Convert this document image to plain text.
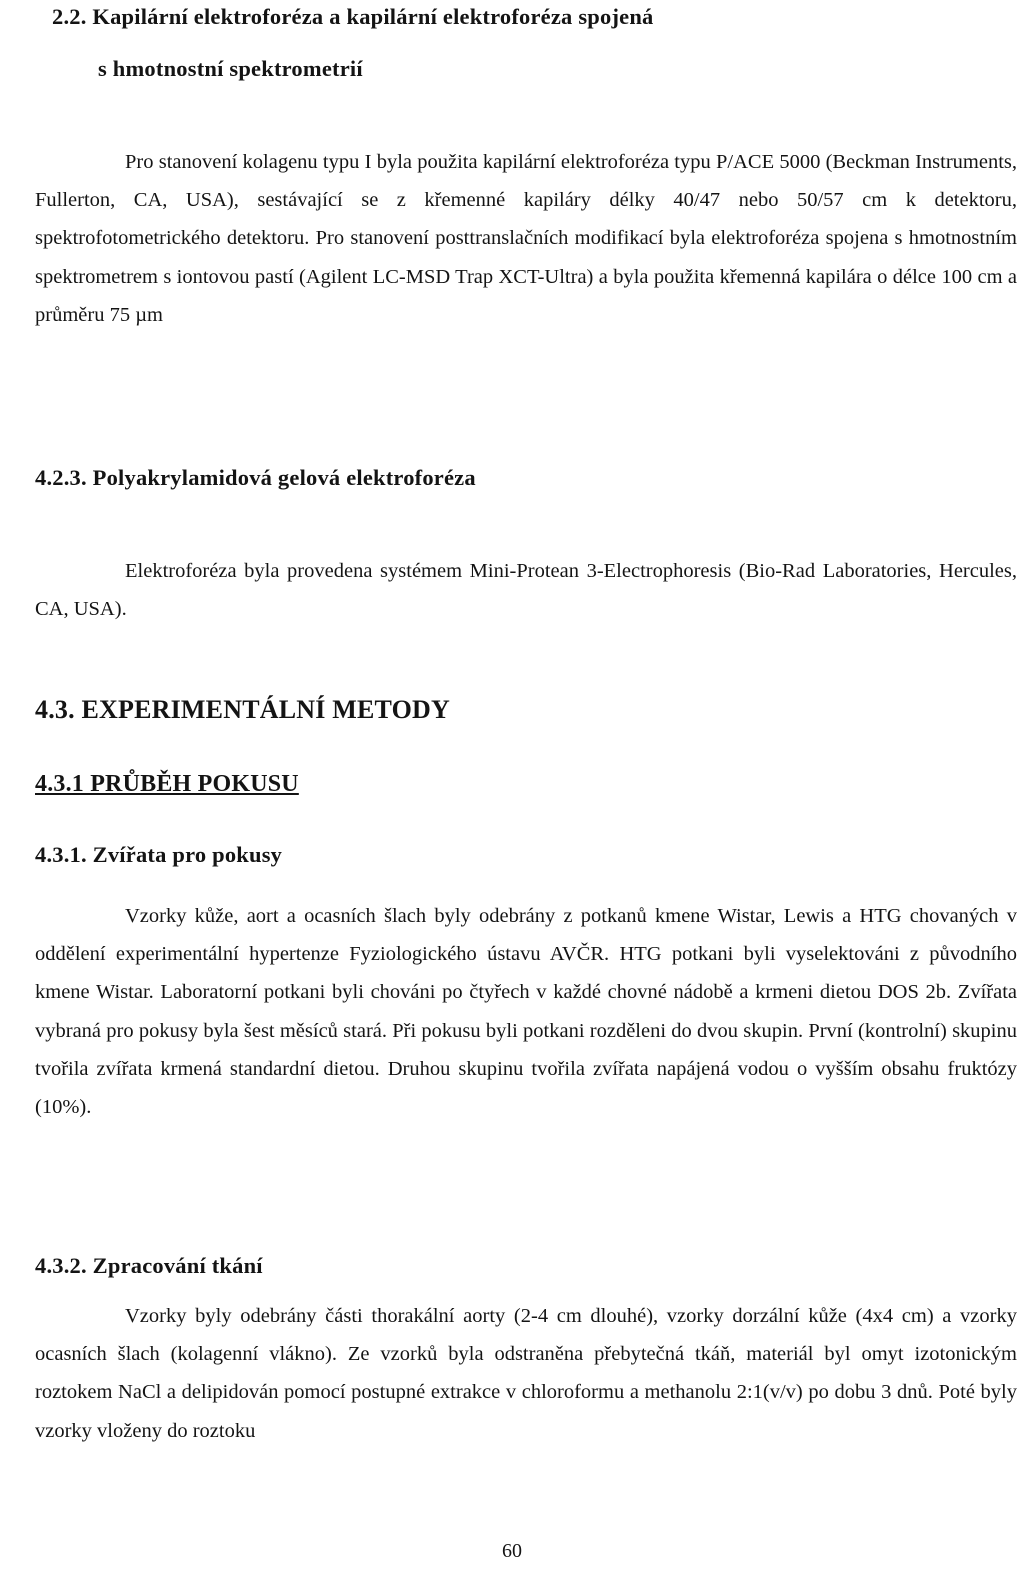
2.2. Kapilární elektroforéza a kapilární elektroforéza spojená
s hmotnostní spektrometrií

Pro stanovení kolagenu typu I byla použita kapilární elektroforéza typu P/ACE 5000 (Beckman Instruments, Fullerton, CA, USA), sestávající se z křemenné kapiláry délky 40/47 nebo 50/57 cm k detektoru, spektrofotometrického detektoru. Pro stanovení posttranslačních modifikací byla elektroforéza spojena s hmotnostním spektrometrem s iontovou pastí (Agilent LC-MSD Trap XCT-Ultra) a byla použita křemenná kapilára o délce 100 cm a průměru 75 µm

4.2.3. Polyakrylamidová gelová elektroforéza

Elektroforéza byla provedena systémem Mini-Protean 3-Electrophoresis (Bio-Rad Laboratories, Hercules, CA, USA).

4.3. EXPERIMENTÁLNÍ METODY
4.3.1 PRŮBĚH POKUSU
4.3.1. Zvířata pro pokusy

Vzorky kůže, aort a ocasních šlach byly odebrány z potkanů kmene Wistar, Lewis a HTG chovaných v oddělení experimentální hypertenze Fyziologického ústavu AVČR. HTG potkani byli vyselektováni z původního kmene Wistar. Laboratorní potkani byli chováni po čtyřech v každé chovné nádobě a krmeni dietou DOS 2b. Zvířata vybraná pro pokusy byla šest měsíců stará. Při pokusu byli potkani rozděleni do dvou skupin. První (kontrolní) skupinu tvořila zvířata krmená standardní dietou. Druhou skupinu tvořila zvířata napájená vodou o vyšším obsahu fruktózy (10%).

4.3.2. Zpracování tkání

Vzorky byly odebrány části thorakální aorty (2-4 cm dlouhé), vzorky dorzální kůže (4x4 cm) a vzorky ocasních šlach (kolagenní vlákno). Ze vzorků byla odstraněna přebytečná tkáň, materiál byl omyt izotonickým roztokem NaCl a delipidován pomocí postupné extrakce v chloroformu a methanolu 2:1(v/v) po dobu 3 dnů. Poté byly vzorky vloženy do roztoku

60
